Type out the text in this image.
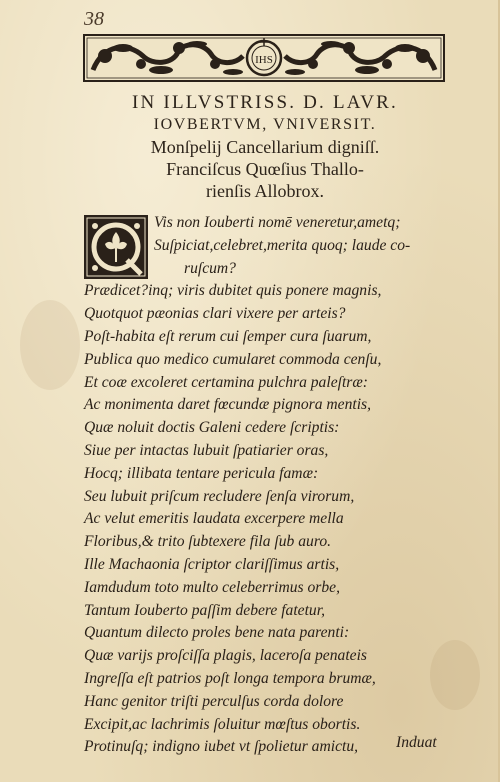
38
IHS
IN ILLVSTRISS. D. LAVR.
IOVBERTVM, VNIVERSIT.
Monſpelij Cancellarium digniſſ.
Franciſcus Quœſius Thallo-
rienſis Allobrox.
Vis non Iouberti nomē veneretur,ametq;
Suſpiciat,celebret,merita quoq; laude co-
ruſcum?
Prædicet?inq; viris dubitet quis ponere magnis,
Quotquot pæonias clari vixere per arteis?
Poſt-habita eſt rerum cui ſemper cura ſuarum,
Publica quo medico cumularet commoda cenſu,
Et coæ excoleret certamina pulchra paleſtræ:
Ac monimenta daret fœcundæ pignora mentis,
Quæ noluit doctis Galeni cedere ſcriptis:
Siue per intactas lubuit ſpatiarier oras,
Hocq; illibata tentare pericula famæ:
Seu lubuit priſcum recludere ſenſa virorum,
Ac velut emeritis laudata excerpere mella
Floribus,& trito ſubtexere fila ſub auro.
Ille Machaonia ſcriptor clariſſimus artis,
Iamdudum toto multo celeberrimus orbe,
Tantum Iouberto paſſim debere fatetur,
Quantum dilecto proles bene nata parenti:
Quæ varijs proſciſſa plagis, laceroſa penateis
Ingreſſa eſt patrios poſt longa tempora brumæ,
Hanc genitor triſti perculſus corda dolore
Excipit,ac lachrimis ſoluitur mœſtus obortis.
Protinuſq; indigno iubet vt ſpolietur amictu,	Induat
